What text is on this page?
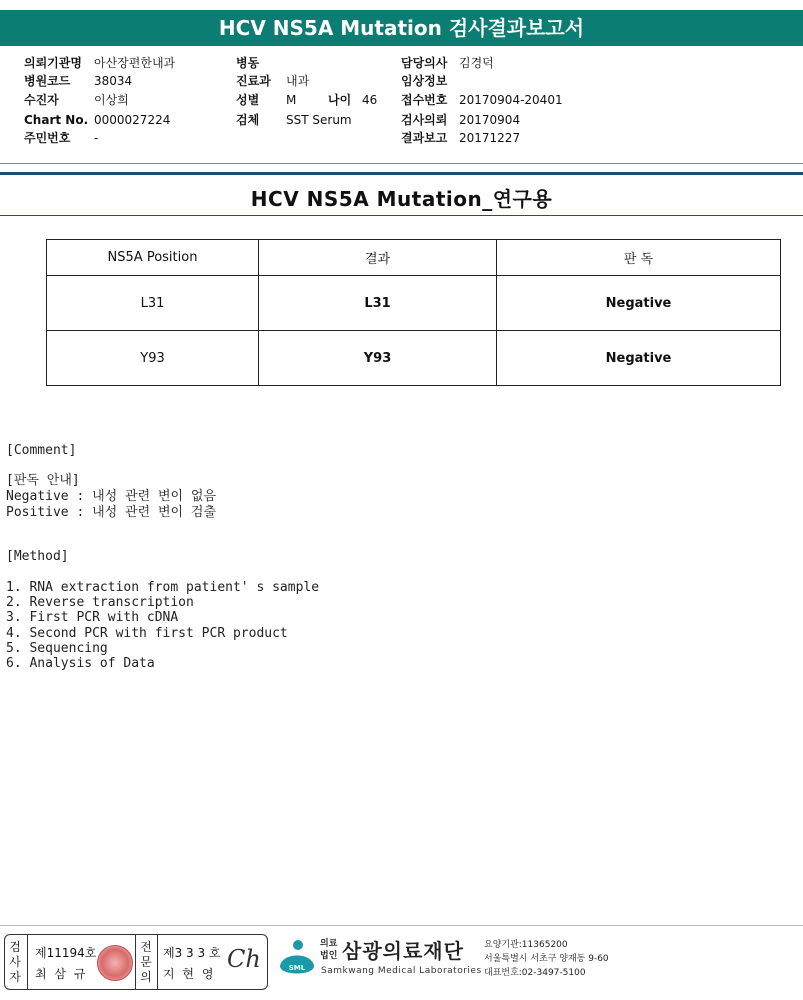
HCV NS5A Mutation 검사결과보고서
의뢰기관명 아산장편한내과
병원코드 38034
수진자	이상희
Chart No. 0000027224
주민번호 -
병동
진료과 내과
성별 M	나이 46
검체 SST Serum
담당의사 김경덕
임상정보
접수번호 20170904-20401
검사의뢰 20170904
결과보고 20171227
HCV NS5A Mutation_연구용
NS5A Position	결과	판 독
L31	L31	Negative
Y93	Y93	Negative
[Comment]
[판독 안내]
Negative : 내성 관련 변이 없음
Positive : 내성 관련 변이 검출
[Method]
1. RNA extraction from patient' s sample
2. Reverse transcription
3. First PCR with cDNA
4. Second PCR with first PCR product
5. Sequencing
6. Analysis of Data
검사자
제11194호
최 삼 규
전문의
제3 3 3 호
지 현 영
Ch	SML
의료
법인 삼광의료재단
Samkwang Medical Laboratories
요양기관:11365200
서울특별시 서초구 양재동 9-60
대표번호:02-3497-5100
